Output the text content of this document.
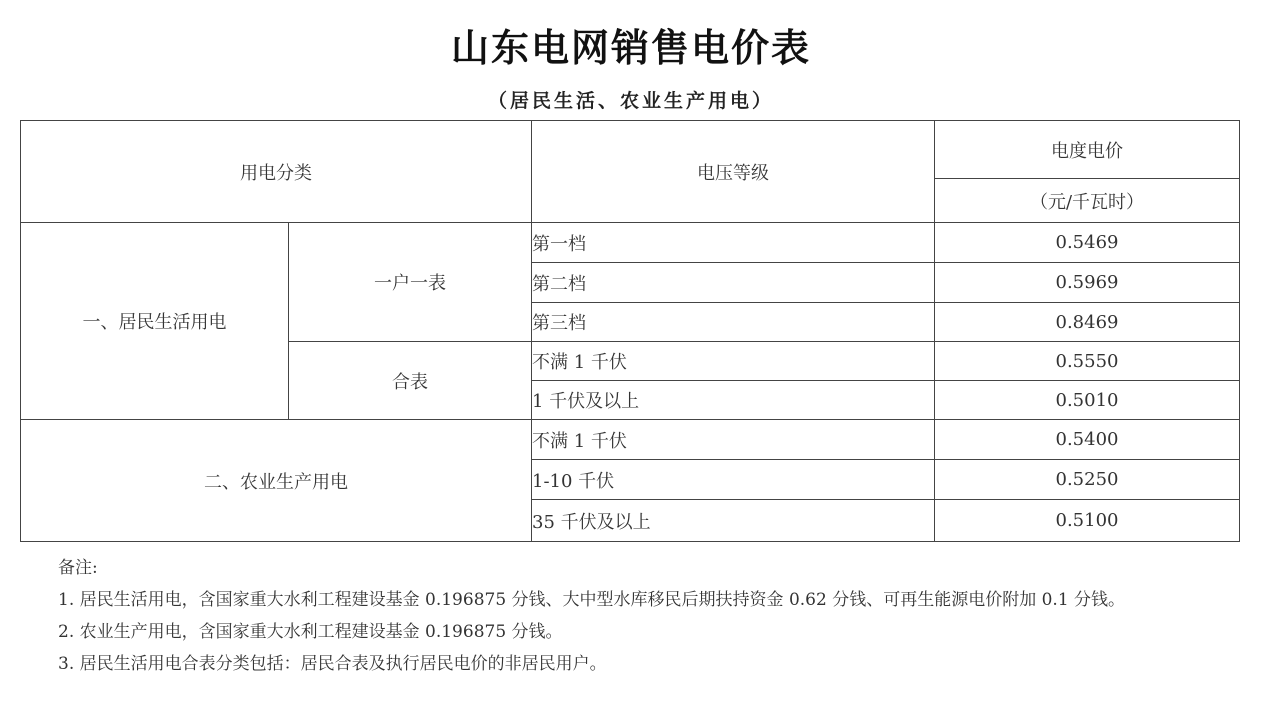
山东电网销售电价表
（居民生活、农业生产用电）
用电分类		电压等级	电度电价
			（元/千瓦时）
一、居民生活用电	一户一表	第一档	0.5469
		第二档	0.5969
		第三档	0.8469
	合表	不满 1 千伏	0.5550
		1 千伏及以上	0.5010
二、农业生产用电		不满 1 千伏	0.5400
		1-10 千伏	0.5250
		35 千伏及以上	0.5100

备注:

1. 居民生活用电，含国家重大水利工程建设基金 0.196875 分钱、大中型水库移民后期扶持资金 0.62 分钱、可再生能源电价附加 0.1 分钱。

2. 农业生产用电，含国家重大水利工程建设基金 0.196875 分钱。

3. 居民生活用电合表分类包括：居民合表及执行居民电价的非居民用户。
